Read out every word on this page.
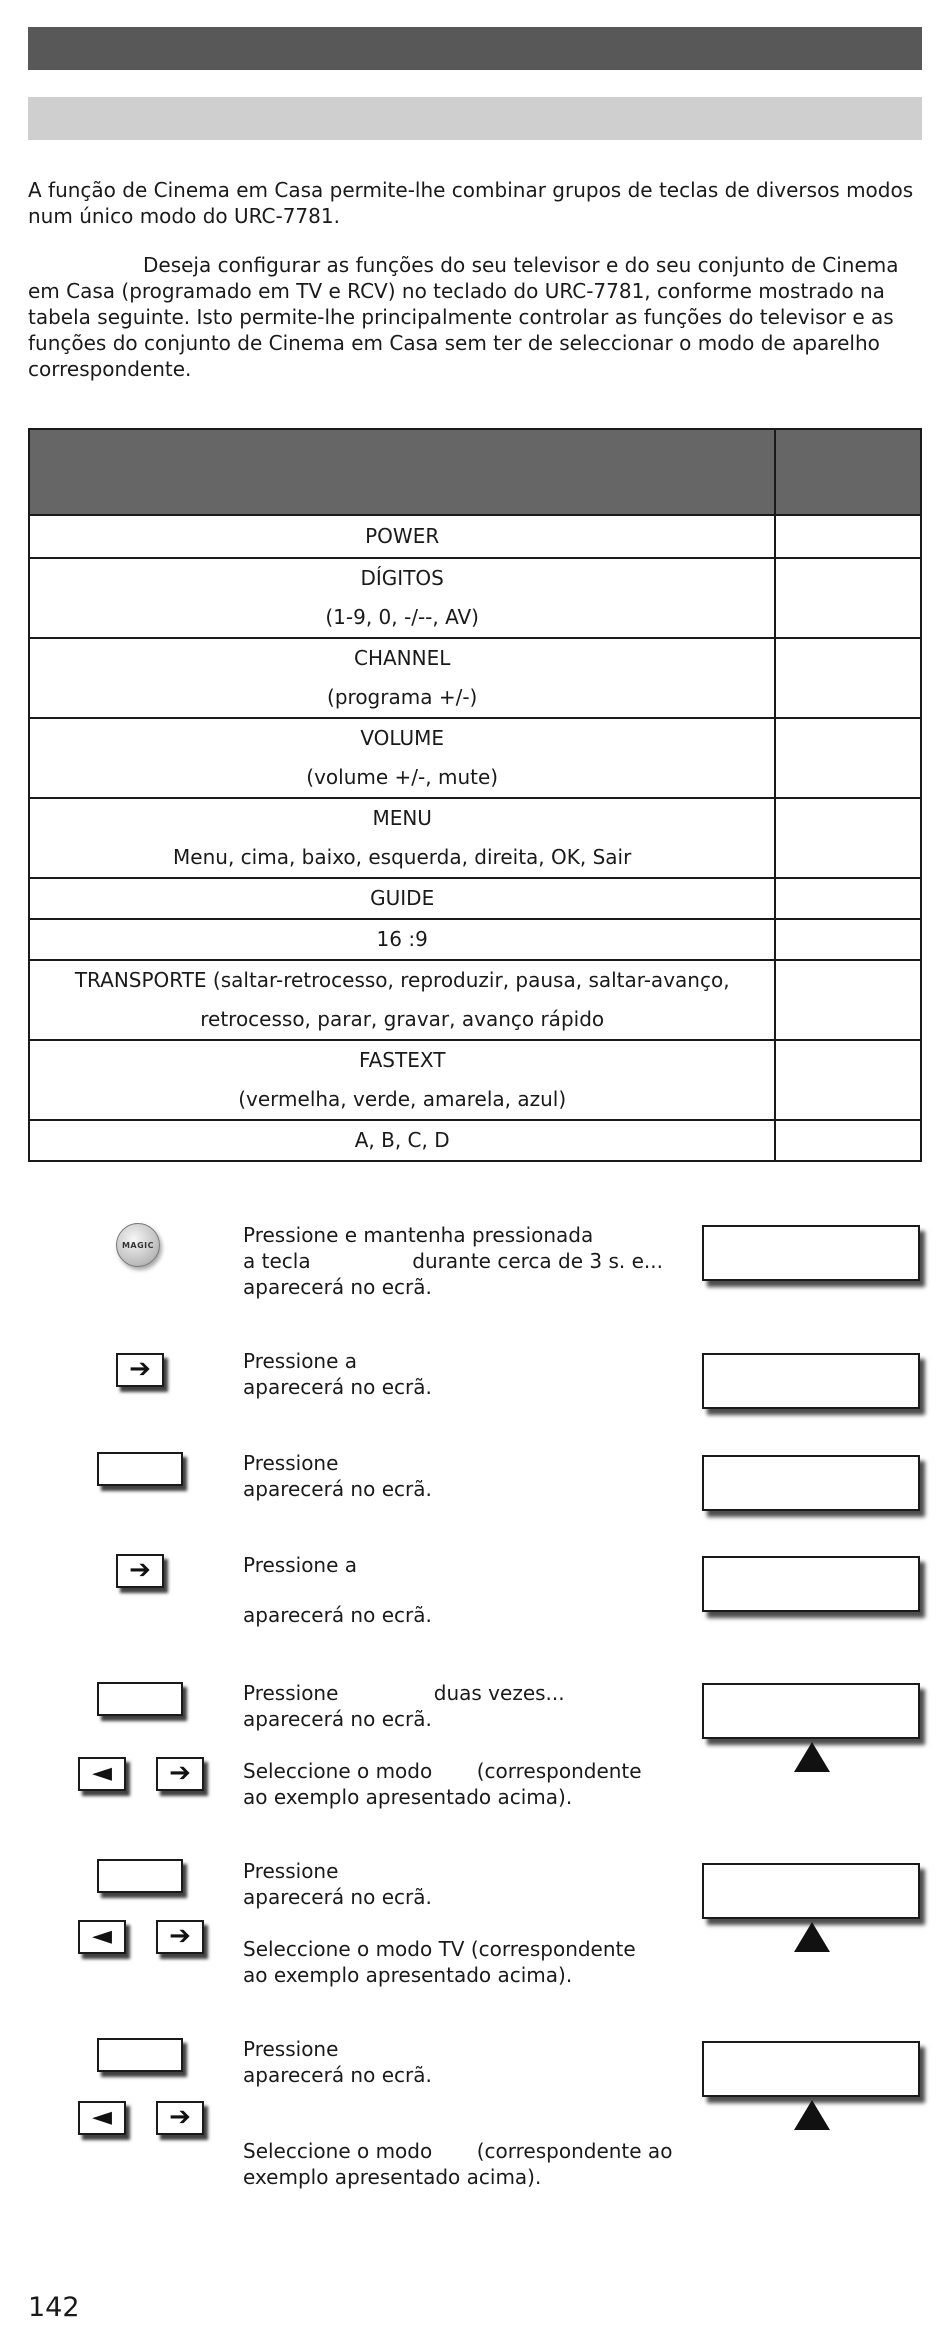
A função de Cinema em Casa permite-lhe combinar grupos de teclas de diversos modos num único modo do URC-7781.

Deseja configurar as funções do seu televisor e do seu conjunto de Cinema em Casa (programado em TV e RCV) no teclado do URC-7781, conforme mostrado na tabela seguinte. Isto permite-lhe principalmente controlar as funções do televisor e as funções do conjunto de Cinema em Casa sem ter de seleccionar o modo de aparelho correspondente.

POWER	

DÍGITOS
(1-9, 0, -/--, AV)	

CHANNEL
(programa +/-)	

VOLUME
(volume +/-, mute)	

MENU
Menu, cima, baixo, esquerda, direita, OK, Sair	

GUIDE	

16 :9	

TRANSPORTE (saltar-retrocesso, reproduzir, pausa, saltar-avanço,
retrocesso, parar, gravar, avanço rápido	

FASTEXT
(vermelha, verde, amarela, azul)	

A, B, C, D	

MAGIC	Pressione e mantenha pressionada
a tecla                durante cerca de 3 s. e...
aparecerá no ecrã.
➔	Pressione a
aparecerá no ecrã.
Pressione
aparecerá no ecrã.
➔	Pressione a
aparecerá no ecrã.
◄	➔
Pressione               duas vezes...
aparecerá no ecrã.
Seleccione o modo       (correspondente
ao exemplo apresentado acima).
◄	➔
Pressione
aparecerá no ecrã.
Seleccione o modo TV (correspondente
ao exemplo apresentado acima).
◄	➔
Pressione
aparecerá no ecrã.
Seleccione o modo       (correspondente ao
exemplo apresentado acima).
142
